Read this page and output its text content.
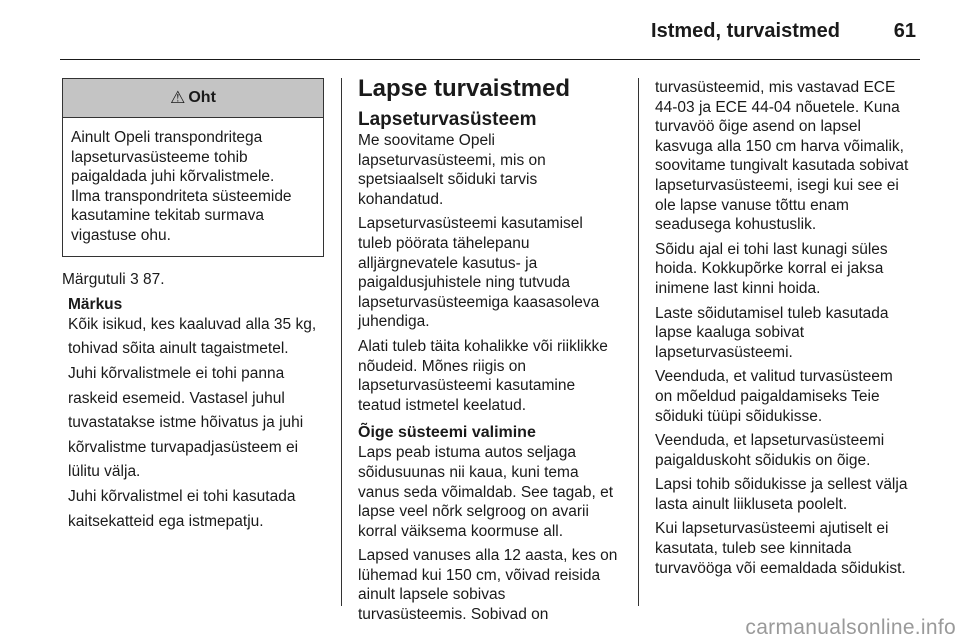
Istmed, turvaistmed	61
⚠ Oht

Ainult Opeli transpondritega

lapseturvasüsteeme tohib

paigaldada juhi kõrvalistmele.

Ilma transpondriteta süsteemide

kasutamine tekitab surmava

vigastuse ohu.

Märgutuli 3 87.

Märkus

Kõik isikud, kes kaaluvad alla 35 kg,

tohivad sõita ainult tagaistmetel.

Juhi kõrvalistmele ei tohi panna

raskeid esemeid. Vastasel juhul

tuvastatakse istme hõivatus ja juhi

kõrvalistme turvapadjasüsteem ei

lülitu välja.

Juhi kõrvalistmel ei tohi kasutada

kaitsekatteid ega istmepatju.

Lapse turvaistmed

Lapseturvasüsteem

Me soovitame Opeli

lapseturvasüsteemi, mis on

spetsiaalselt sõiduki tarvis

kohandatud.

Lapseturvasüsteemi kasutamisel

tuleb pöörata tähelepanu

alljärgnevatele kasutus- ja

paigaldusjuhistele ning tutvuda

lapseturvasüsteemiga kaasasoleva

juhendiga.

Alati tuleb täita kohalikke või riiklikke

nõudeid. Mõnes riigis on

lapseturvasüsteemi kasutamine

teatud istmetel keelatud.

Õige süsteemi valimine

Laps peab istuma autos seljaga

sõidusuunas nii kaua, kuni tema

vanus seda võimaldab. See tagab, et

lapse veel nõrk selgroog on avarii

korral väiksema koormuse all.

Lapsed vanuses alla 12 aasta, kes on

lühemad kui 150 cm, võivad reisida

ainult lapsele sobivas

turvasüsteemis. Sobivad on

turvasüsteemid, mis vastavad ECE

44-03 ja ECE 44-04 nõuetele. Kuna

turvavöö õige asend on lapsel

kasvuga alla 150 cm harva võimalik,

soovitame tungivalt kasutada sobivat

lapseturvasüsteemi, isegi kui see ei

ole lapse vanuse tõttu enam

seadusega kohustuslik.

Sõidu ajal ei tohi last kunagi süles

hoida. Kokkupõrke korral ei jaksa

inimene last kinni hoida.

Laste sõidutamisel tuleb kasutada

lapse kaaluga sobivat

lapseturvasüsteemi.

Veenduda, et valitud turvasüsteem

on mõeldud paigaldamiseks Teie

sõiduki tüüpi sõidukisse.

Veenduda, et lapseturvasüsteemi

paigalduskoht sõidukis on õige.

Lapsi tohib sõidukisse ja sellest välja

lasta ainult liikluseta poolelt.

Kui lapseturvasüsteemi ajutiselt ei

kasutata, tuleb see kinnitada

turvavööga või eemaldada sõidukist.

carmanualsonline.info
